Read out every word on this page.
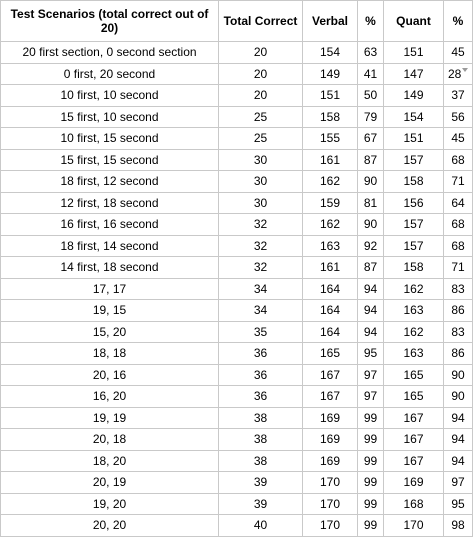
Test Scenarios (total correct out of 20)	Total Correct	Verbal	%	Quant	%
20 first section, 0 second section	20	154	63	151	45
0 first, 20 second	20	149	41	147	28
10 first, 10 second	20	151	50	149	37
15 first, 10 second	25	158	79	154	56
10 first, 15 second	25	155	67	151	45
15 first, 15 second	30	161	87	157	68
18 first, 12 second	30	162	90	158	71
12 first, 18 second	30	159	81	156	64
16 first, 16 second	32	162	90	157	68
18 first, 14 second	32	163	92	157	68
14 first, 18 second	32	161	87	158	71
17, 17	34	164	94	162	83
19, 15	34	164	94	163	86
15, 20	35	164	94	162	83
18, 18	36	165	95	163	86
20, 16	36	167	97	165	90
16, 20	36	167	97	165	90
19, 19	38	169	99	167	94
20, 18	38	169	99	167	94
18, 20	38	169	99	167	94
20, 19	39	170	99	169	97
19, 20	39	170	99	168	95
20, 20	40	170	99	170	98
